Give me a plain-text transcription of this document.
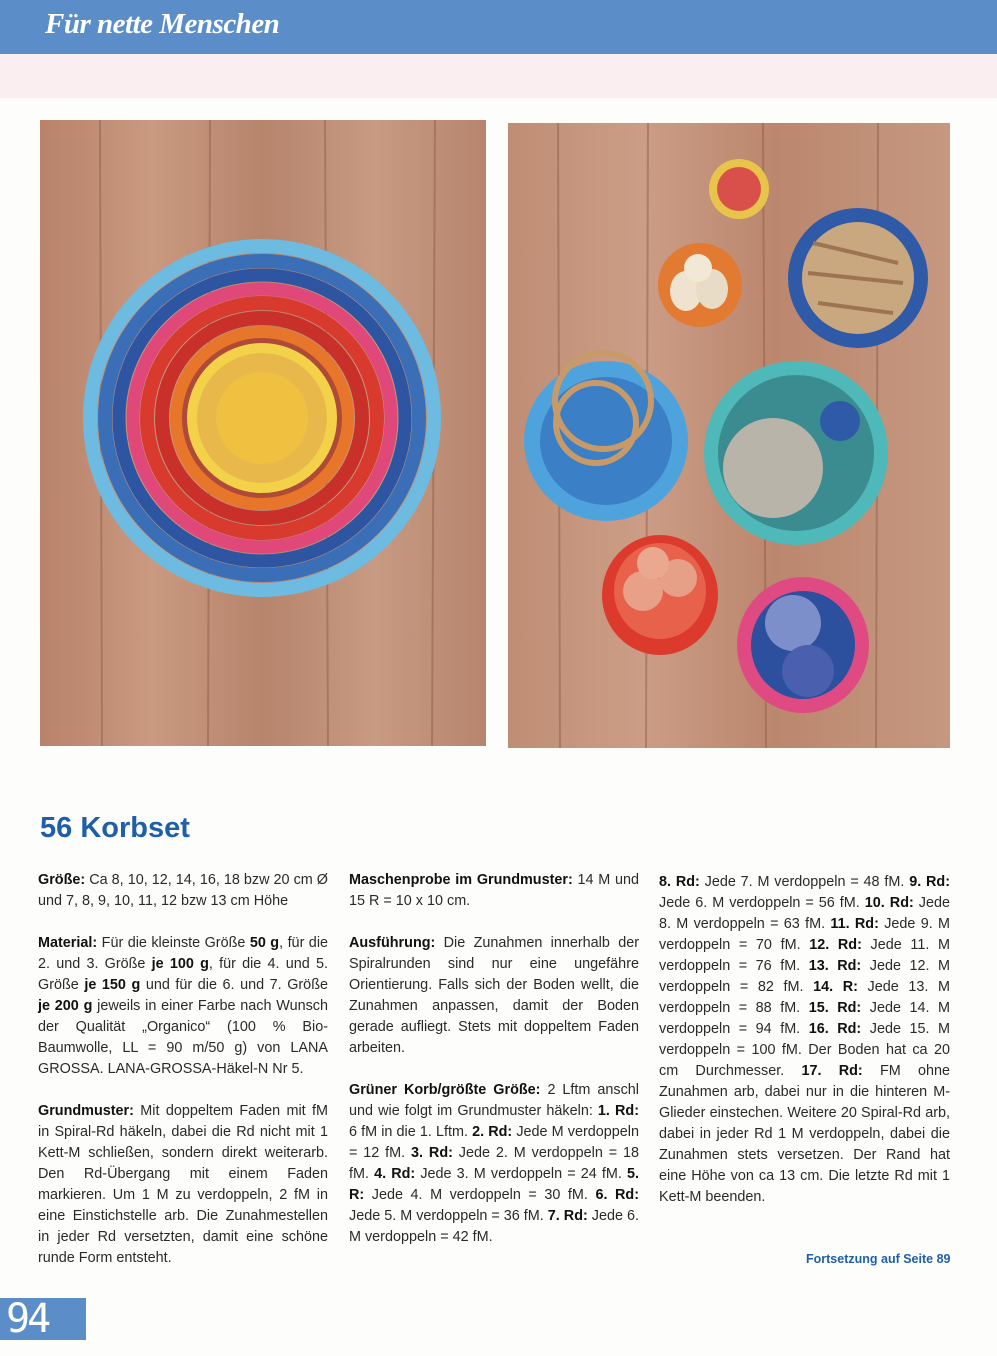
Für nette Menschen
56 Korbset

Größe: Ca 8, 10, 12, 14, 16, 18 bzw 20 cm Ø und 7, 8, 9, 10, 11, 12 bzw 13 cm Höhe

Material: Für die kleinste Größe 50 g, für die 2. und 3. Größe je 100 g, für die 4. und 5. Größe je 150 g und für die 6. und 7. Größe je 200 g jeweils in einer Farbe nach Wunsch der Qualität „Organico“ (100 % Bio-Baumwolle, LL = 90 m/50 g) von LANA GROSSA. LANA-GROSSA-Häkel-N Nr 5.

Grundmuster: Mit doppeltem Faden mit fM in Spiral-Rd häkeln, dabei die Rd nicht mit 1 Kett-M schließen, sondern direkt weiterarb. Den Rd-Übergang mit einem Faden markieren. Um 1 M zu verdoppeln, 2 fM in eine Einstichstelle arb. Die Zunahmestellen in jeder Rd versetzten, damit eine schöne runde Form entsteht.

Maschenprobe im Grundmuster: 14 M und 15 R = 10 x 10 cm.

Ausführung: Die Zunahmen innerhalb der Spiralrunden sind nur eine ungefähre Orientierung. Falls sich der Boden wellt, die Zunahmen anpassen, damit der Boden gerade aufliegt. Stets mit doppeltem Faden arbeiten.

Grüner Korb/größte Größe: 2 Lftm anschl und wie folgt im Grundmuster häkeln: 1. Rd: 6 fM in die 1. Lftm. 2. Rd: Jede M verdoppeln = 12 fM. 3. Rd: Jede 2. M verdoppeln = 18 fM. 4. Rd: Jede 3. M verdoppeln = 24 fM. 5. R: Jede 4. M verdoppeln = 30 fM. 6. Rd: Jede 5. M verdoppeln = 36 fM. 7. Rd: Jede 6. M verdoppeln = 42 fM.

8. Rd: Jede 7. M verdoppeln = 48 fM. 9. Rd: Jede 6. M verdoppeln = 56 fM. 10. Rd: Jede 8. M verdoppeln = 63 fM. 11. Rd: Jede 9. M verdoppeln = 70 fM. 12. Rd: Jede 11. M verdoppeln = 76 fM. 13. Rd: Jede 12. M verdoppeln = 82 fM. 14. R: Jede 13. M verdoppeln = 88 fM. 15. Rd: Jede 14. M verdoppeln = 94 fM. 16. Rd: Jede 15. M verdoppeln = 100 fM. Der Boden hat ca 20 cm Durchmesser. 17. Rd: FM ohne Zunahmen arb, dabei nur in die hinteren M-Glieder einstechen. Weitere 20 Spiral-Rd arb, dabei in jeder Rd 1 M verdoppeln, dabei die Zunahmen stets versetzen. Der Rand hat eine Höhe von ca 13 cm. Die letzte Rd mit 1 Kett-M beenden.

Fortsetzung auf Seite 89
94
